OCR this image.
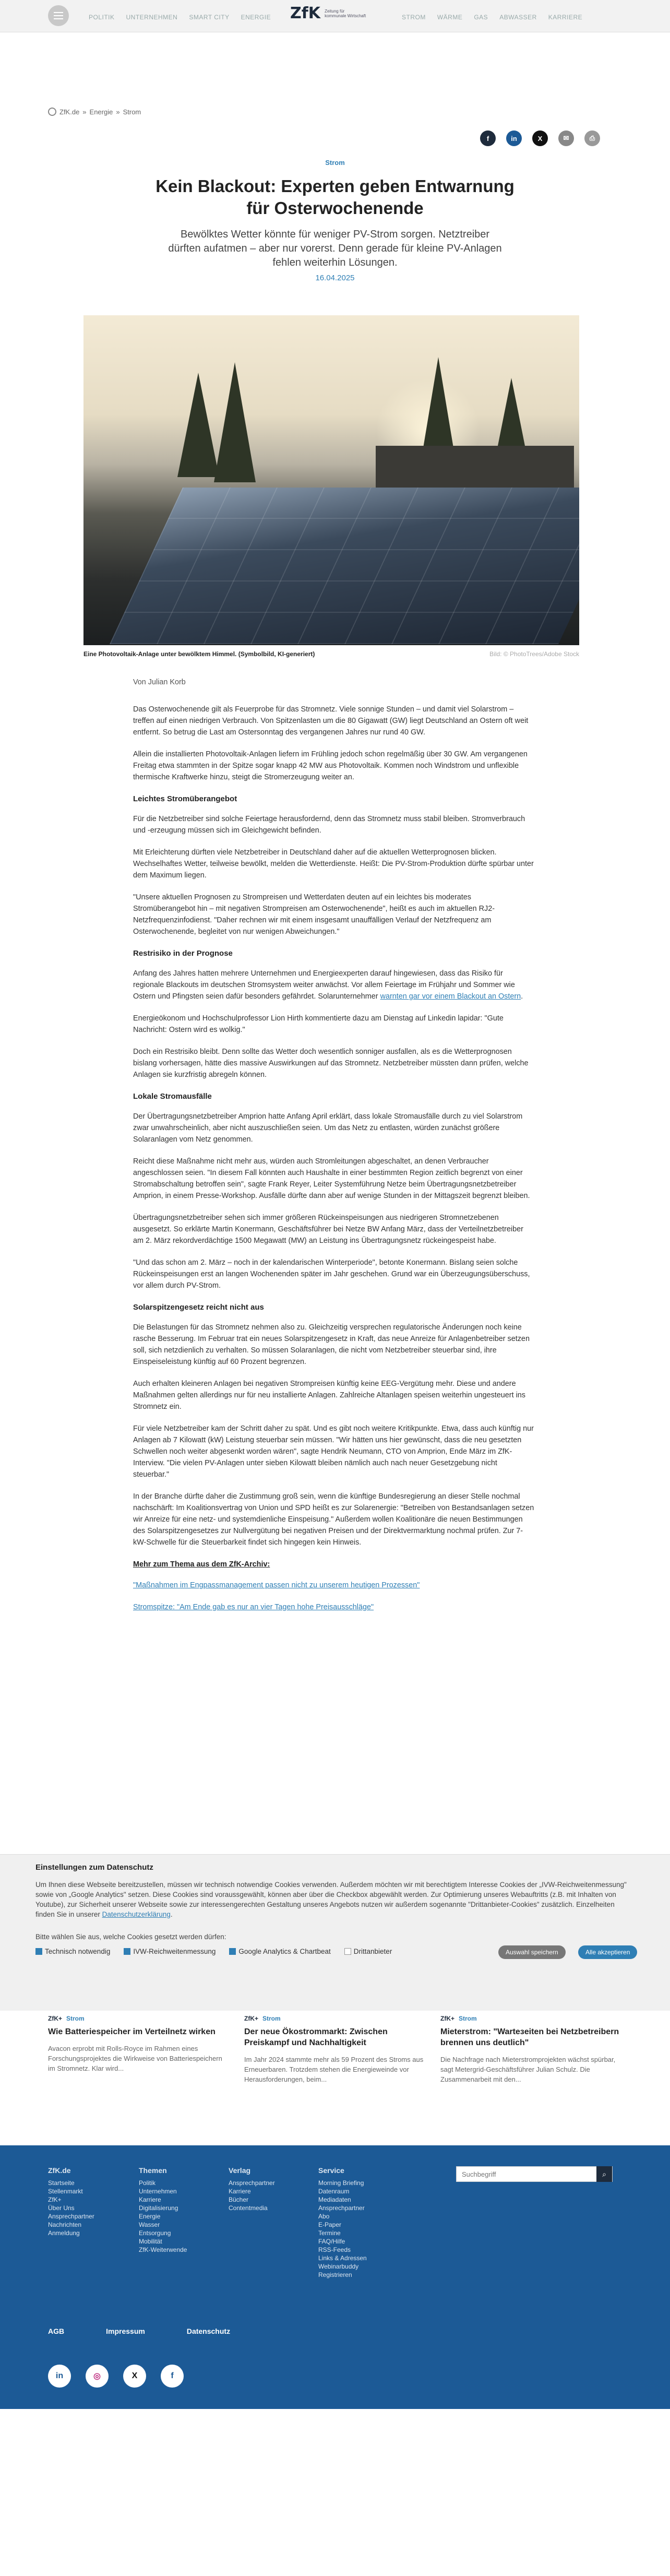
POLITIK UNTERNEHMEN SMART CITY ENERGIE ZfK Zeitung für kommunale Wirtschaft	STROM WÄRME GAS ABWASSER KARRIERE
ZfK.de » Energie » Strom
f	in	X	✉	⎙
Strom
Kein Blackout: Experten geben Entwarnung für Osterwochenende
Bewölktes Wetter könnte für weniger PV-Strom sorgen. Netztreiber dürften aufatmen – aber nur vorerst. Denn gerade für kleine PV-Anlagen fehlen weiterhin Lösungen.
16.04.2025
Eine Photovoltaik-Anlage unter bewölktem Himmel. (Symbolbild, KI-generiert)	Bild: © PhotoTrees/Adobe Stock

Von Julian Korb

Das Osterwochenende gilt als Feuerprobe für das Stromnetz. Viele sonnige Stunden – und damit viel Solarstrom – treffen auf einen niedrigen Verbrauch. Von Spitzenlasten um die 80 Gigawatt (GW) liegt Deutschland an Ostern oft weit entfernt. So betrug die Last am Ostersonntag des vergangenen Jahres nur rund 40 GW.

Allein die installierten Photovoltaik-Anlagen liefern im Frühling jedoch schon regelmäßig über 30 GW. Am vergangenen Freitag etwa stammten in der Spitze sogar knapp 42 MW aus Photovoltaik. Kommen noch Windstrom und unflexible thermische Kraftwerke hinzu, steigt die Stromerzeugung weiter an.

Leichtes Stromüberangebot

Für die Netzbetreiber sind solche Feiertage herausfordernd, denn das Stromnetz muss stabil bleiben. Stromverbrauch und -erzeugung müssen sich im Gleichgewicht befinden.

Mit Erleichterung dürften viele Netzbetreiber in Deutschland daher auf die aktuellen Wetterprognosen blicken. Wechselhaftes Wetter, teilweise bewölkt, melden die Wetterdienste. Heißt: Die PV-Strom-Produktion dürfte spürbar unter dem Maximum liegen.

"Unsere aktuellen Prognosen zu Strompreisen und Wetterdaten deuten auf ein leichtes bis moderates Stromüberangebot hin – mit negativen Strompreisen am Osterwochenende", heißt es auch im aktuellen RJ2-Netzfrequenzinfodienst. "Daher rechnen wir mit einem insgesamt unauffälligen Verlauf der Netzfrequenz am Osterwochenende, begleitet von nur wenigen Abweichungen."

Restrisiko in der Prognose

Anfang des Jahres hatten mehrere Unternehmen und Energieexperten darauf hingewiesen, dass das Risiko für regionale Blackouts im deutschen Stromsystem weiter anwächst. Vor allem Feiertage im Frühjahr und Sommer wie Ostern und Pfingsten seien dafür besonders gefährdet. Solarunternehmer warnten gar vor einem Blackout an Ostern.

Energieökonom und Hochschulprofessor Lion Hirth kommentierte dazu am Dienstag auf Linkedin lapidar: "Gute Nachricht: Ostern wird es wolkig."

Doch ein Restrisiko bleibt. Denn sollte das Wetter doch wesentlich sonniger ausfallen, als es die Wetterprognosen bislang vorhersagen, hätte dies massive Auswirkungen auf das Stromnetz. Netzbetreiber müssten dann prüfen, welche Anlagen sie kurzfristig abregeln können.

Lokale Stromausfälle

Der Übertragungsnetzbetreiber Amprion hatte Anfang April erklärt, dass lokale Stromausfälle durch zu viel Solarstrom zwar unwahrscheinlich, aber nicht auszuschließen seien. Um das Netz zu entlasten, würden zunächst größere Solaranlagen vom Netz genommen.

Reicht diese Maßnahme nicht mehr aus, würden auch Stromleitungen abgeschaltet, an denen Verbraucher angeschlossen seien. "In diesem Fall könnten auch Haushalte in einer bestimmten Region zeitlich begrenzt von einer Stromabschaltung betroffen sein", sagte Frank Reyer, Leiter Systemführung Netze beim Übertragungsnetzbetreiber Amprion, in einem Presse-Workshop. Ausfälle dürfte dann aber auf wenige Stunden in der Mittagszeit begrenzt bleiben.

Übertragungsnetzbetreiber sehen sich immer größeren Rückeinspeisungen aus niedrigeren Stromnetzebenen ausgesetzt. So erklärte Martin Konermann, Geschäftsführer bei Netze BW Anfang März, dass der Verteilnetzbetreiber am 2. März rekordverdächtige 1500 Megawatt (MW) an Leistung ins Übertragungsnetz rückeingespeist habe.

"Und das schon am 2. März – noch in der kalendarischen Winterperiode", betonte Konermann. Bislang seien solche Rückeinspeisungen erst an langen Wochenenden später im Jahr geschehen. Grund war ein Überzeugungsüberschuss, vor allem durch PV-Strom.

Solarspitzengesetz reicht nicht aus

Die Belastungen für das Stromnetz nehmen also zu. Gleichzeitig versprechen regulatorische Änderungen noch keine rasche Besserung. Im Februar trat ein neues Solarspitzengesetz in Kraft, das neue Anreize für Anlagenbetreiber setzen soll, sich netzdienlich zu verhalten. So müssen Solaranlagen, die nicht vom Netzbetreiber steuerbar sind, ihre Einspeiseleistung künftig auf 60 Prozent begrenzen.

Auch erhalten kleineren Anlagen bei negativen Strompreisen künftig keine EEG-Vergütung mehr. Diese und andere Maßnahmen gelten allerdings nur für neu installierte Anlagen. Zahlreiche Altanlagen speisen weiterhin ungesteuert ins Stromnetz ein.

Für viele Netzbetreiber kam der Schritt daher zu spät. Und es gibt noch weitere Kritikpunkte. Etwa, dass auch künftig nur Anlagen ab 7 Kilowatt (kW) Leistung steuerbar sein müssen. "Wir hätten uns hier gewünscht, dass die neu gesetzten Schwellen noch weiter abgesenkt worden wären", sagte Hendrik Neumann, CTO von Amprion, Ende März im ZfK-Interview. "Die vielen PV-Anlagen unter sieben Kilowatt bleiben nämlich auch nach neuer Gesetzgebung nicht steuerbar."

In der Branche dürfte daher die Zustimmung groß sein, wenn die künftige Bundesregierung an dieser Stelle nochmal nachschärft: Im Koalitionsvertrag von Union und SPD heißt es zur Solarenergie: "Betreiben von Bestandsanlagen setzen wir Anreize für eine netz- und systemdienliche Einspeisung." Außerdem wollen Koalitionäre die neuen Bestimmungen des Solarspitzengesetzes zur Nullvergütung bei negativen Preisen und der Direktvermarktung nochmal prüfen. Zur 7-kW-Schwelle für die Steuerbarkeit findet sich hingegen kein Hinweis.

Mehr zum Thema aus dem ZfK-Archiv:

"Maßnahmen im Engpassmanagement passen nicht zu unserem heutigen Prozessen"

Stromspitze: "Am Ende gab es nur an vier Tagen hohe Preisausschläge"

Einstellungen zum Datenschutz
Um Ihnen diese Webseite bereitzustellen, müssen wir technisch notwendige Cookies verwenden. Außerdem möchten wir mit berechtigtem Interesse Cookies der „IVW-Reichweitenmessung" sowie von „Google Analytics" setzen. Diese Cookies sind voraussgewählt, können aber über die Checkbox abgewählt werden. Zur Optimierung unseres Webauftritts (z.B. mit Inhalten von Youtube), zur Sicherheit unserer Webseite sowie zur interessengerechten Gestaltung unseres Angebots nutzen wir außerdem sogenannte "Drittanbieter-Cookies" zusätzlich. Einzelheiten finden Sie in unserer Datenschutzerklärung.
Bitte wählen Sie aus, welche Cookies gesetzt werden dürfen:
Technisch notwendig	IVW-Reichweitenmessung	Google Analytics & Chartbeat	Drittanbieter	Auswahl speichern	Alle akzeptieren
ZfK+ Strom
Wie Batteriespeicher im Verteilnetz wirken
Avacon erprobt mit Rolls-Royce im Rahmen eines Forschungsprojektes die Wirkweise von Batteriespeichern im Stromnetz. Klar wird...
ZfK+ Strom
Der neue Ökostrommarkt: Zwischen Preiskampf und Nachhaltigkeit
Im Jahr 2024 stammte mehr als 59 Prozent des Stroms aus Erneuerbaren. Trotzdem stehen die Energieweinde vor Herausforderungen, beim...
ZfK+ Strom
Mieterstrom: "Warteзeiten bei Netzbetreibern brennen uns deutlich"
Die Nachfrage nach Mieterstromprojekten wächst spürbar, sagt Metergrid-Geschäftsführer Julian Schulz. Die Zusammenarbeit mit den...
ZfK.de
Startseite
Stellenmarkt
ZfK+
Über Uns
Ansprechpartner
Nachrichten
Anmeldung
Themen
Politik
Unternehmen
Karriere
Digitalisierung
Energie
Wasser
Entsorgung
Mobilität
ZfK-Weiterwende
Verlag
Ansprechpartner
Karriere
Bücher
Contentmedia
Service
Morning Briefing
Datenraum
Mediadaten
Ansprechpartner
Abo
E-Paper
Termine
FAQ/Hilfe
RSS-Feeds
Links & Adressen
Webinarbuddy
Registrieren
Suchbegriff
⌕
AGB	Impressum	Datenschutz
in	◎	X	f
